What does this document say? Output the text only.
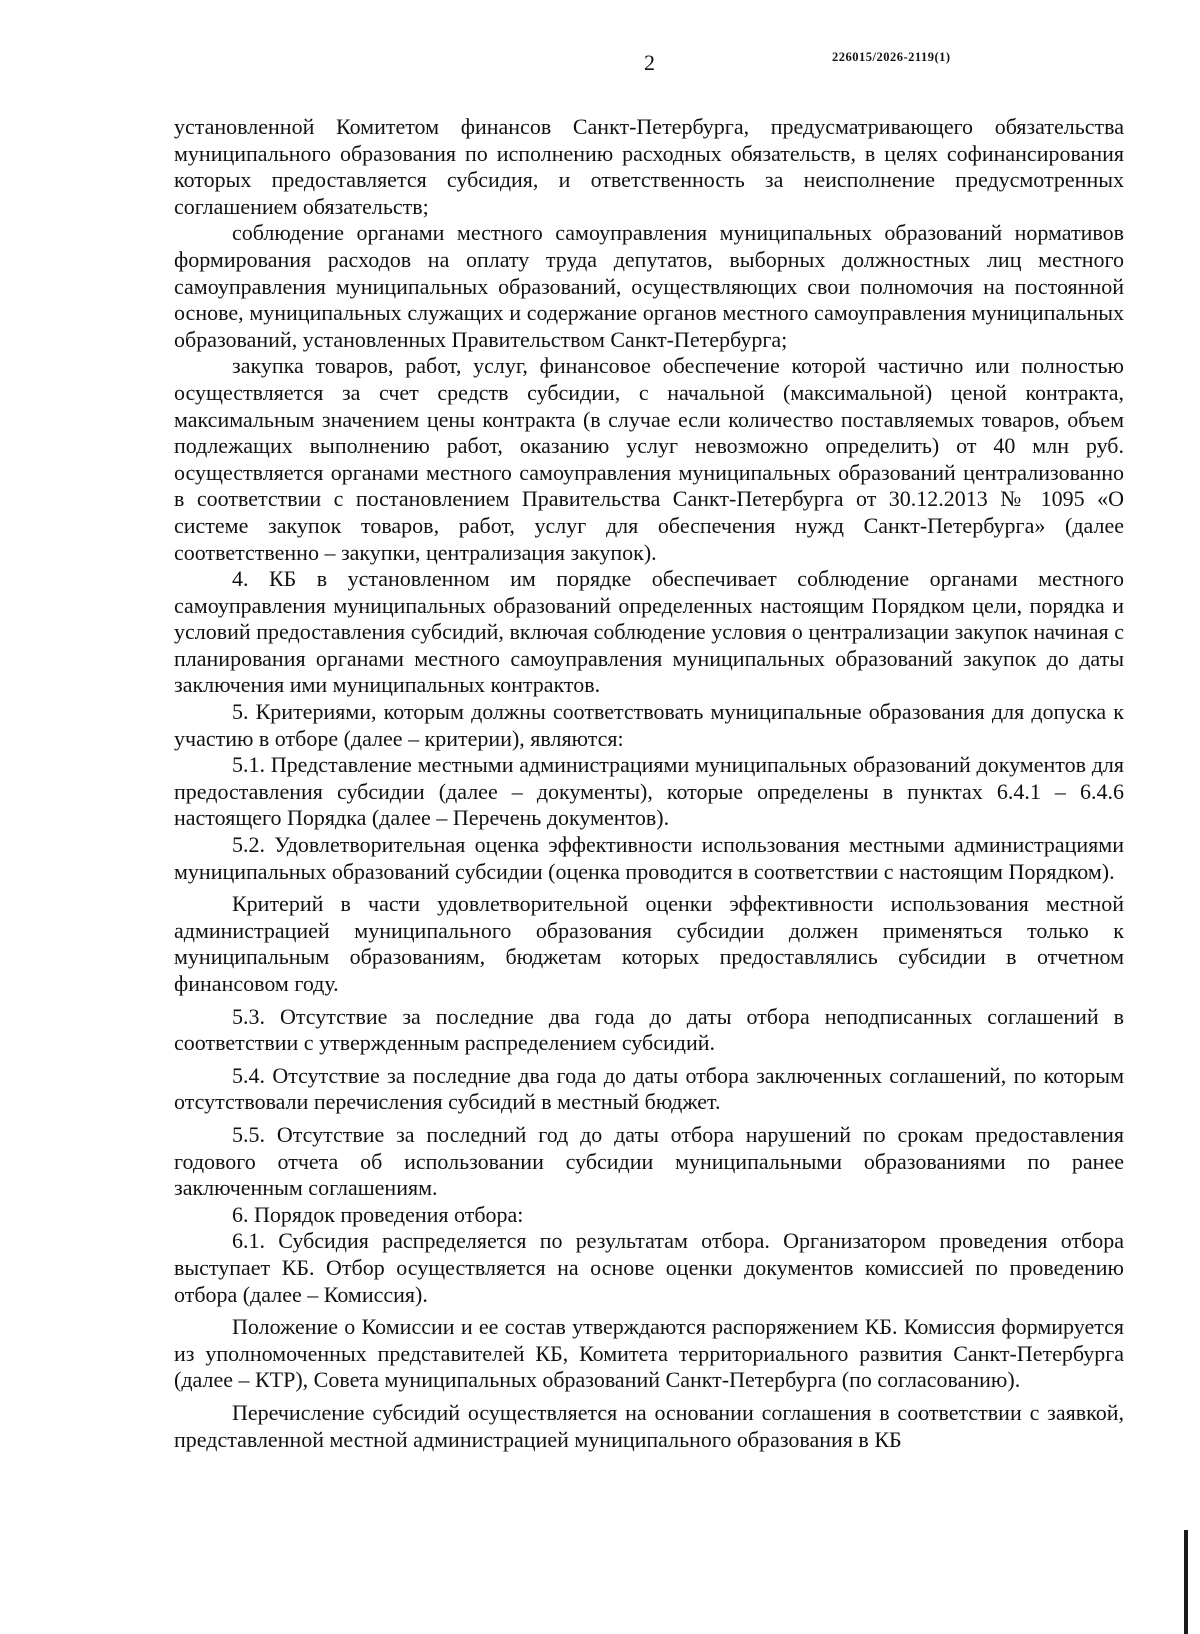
2	226015/2026-2119(1)

установленной Комитетом финансов Санкт-Петербурга, предусматривающего обязательства муниципального образования по исполнению расходных обязательств, в целях софинансирования которых предоставляется субсидия, и ответственность за неисполнение предусмотренных соглашением обязательств;

соблюдение органами местного самоуправления муниципальных образований нормативов формирования расходов на оплату труда депутатов, выборных должностных лиц местного самоуправления муниципальных образований, осуществляющих свои полномочия на постоянной основе, муниципальных служащих и содержание органов местного самоуправления муниципальных образований, установленных Правительством Санкт-Петербурга;

закупка товаров, работ, услуг, финансовое обеспечение которой частично или полностью осуществляется за счет средств субсидии, с начальной (максимальной) ценой контракта, максимальным значением цены контракта (в случае если количество поставляемых товаров, объем подлежащих выполнению работ, оказанию услуг невозможно определить) от 40 млн руб. осуществляется органами местного самоуправления муниципальных образований централизованно в соответствии с постановлением Правительства Санкт-Петербурга от 30.12.2013 № 1095 «О системе закупок товаров, работ, услуг для обеспечения нужд Санкт-Петербурга» (далее соответственно – закупки, централизация закупок).

4. КБ в установленном им порядке обеспечивает соблюдение органами местного самоуправления муниципальных образований определенных настоящим Порядком цели, порядка и условий предоставления субсидий, включая соблюдение условия о централизации закупок начиная с планирования органами местного самоуправления муниципальных образований закупок до даты заключения ими муниципальных контрактов.

5. Критериями, которым должны соответствовать муниципальные образования для допуска к участию в отборе (далее – критерии), являются:

5.1. Представление местными администрациями муниципальных образований документов для предоставления субсидии (далее – документы), которые определены в пунктах 6.4.1 – 6.4.6 настоящего Порядка (далее – Перечень документов).

5.2. Удовлетворительная оценка эффективности использования местными администрациями муниципальных образований субсидии (оценка проводится в соответствии с настоящим Порядком).

Критерий в части удовлетворительной оценки эффективности использования местной администрацией муниципального образования субсидии должен применяться только к муниципальным образованиям, бюджетам которых предоставлялись субсидии в отчетном финансовом году.

5.3. Отсутствие за последние два года до даты отбора неподписанных соглашений в соответствии с утвержденным распределением субсидий.

5.4. Отсутствие за последние два года до даты отбора заключенных соглашений, по которым отсутствовали перечисления субсидий в местный бюджет.

5.5. Отсутствие за последний год до даты отбора нарушений по срокам предоставления годового отчета об использовании субсидии муниципальными образованиями по ранее заключенным соглашениям.

6. Порядок проведения отбора:

6.1. Субсидия распределяется по результатам отбора. Организатором проведения отбора выступает КБ. Отбор осуществляется на основе оценки документов комиссией по проведению отбора (далее – Комиссия).

Положение о Комиссии и ее состав утверждаются распоряжением КБ. Комиссия формируется из уполномоченных представителей КБ, Комитета территориального развития Санкт-Петербурга (далее – КТР), Совета муниципальных образований Санкт-Петербурга (по согласованию).

Перечисление субсидий осуществляется на основании соглашения в соответствии с заявкой, представленной местной администрацией муниципального образования в КБ
